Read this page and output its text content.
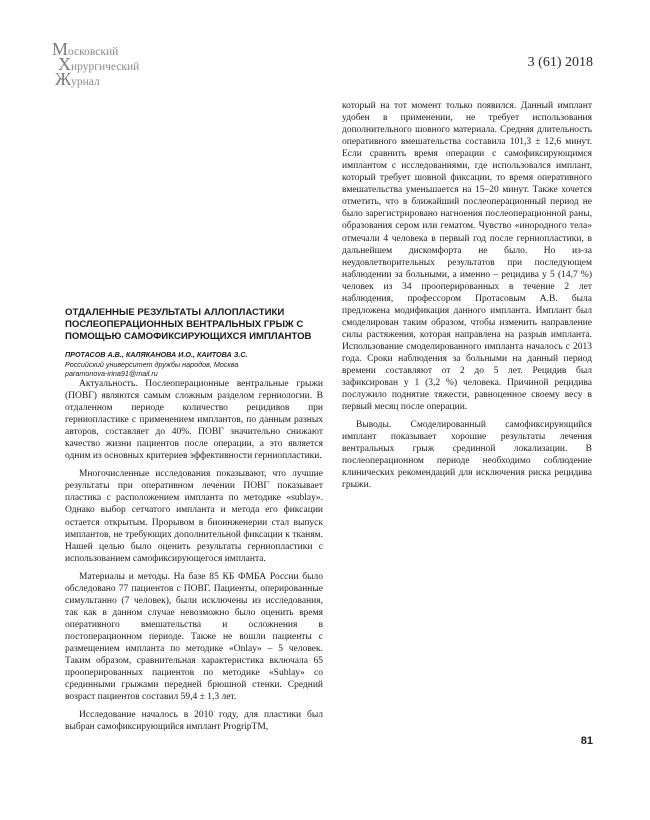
Московский
Хирургический
Журнал
3 (61) 2018
ОТДАЛЕННЫЕ РЕЗУЛЬТАТЫ АЛЛОПЛАСТИКИ ПОСЛЕОПЕРАЦИОННЫХ ВЕНТРАЛЬНЫХ ГРЫЖ С ПОМОЩЬЮ САМОФИКСИРУЮЩИХСЯ ИМПЛАНТОВ

ПРОТАСОВ А.В., КАЛЯКАНОВА И.О., КАИТОВА З.С.

Российский университет дружбы народов, Москва

paramonova-irina91@mail.ru

Актуальность. Послеоперационные вентральные грыжи (ПОВГ) являются самым сложным разделом герниологии. В отдаленном периоде количество рецидивов при герниопластике с применением имплантов, по данным разных авторов, составляет до 40%. ПОВГ значительно снижают качество жизни пациентов после операции, а это является одним из основных критериев эффективности герниопластики.

Многочисленные исследования показывают, что лучшие результаты при оперативном лечении ПОВГ показывает пластика с расположением импланта по методике «sublay». Однако выбор сетчатого импланта и метода его фиксации остается открытым. Прорывом в биоинженерии стал выпуск имплантов, не требующих дополнительной фиксации к тканям. Нашей целью было оценить результаты герниопластики с использованием самофиксирующегося импланта.

Материалы и методы. На базе 85 КБ ФМБА России было обследовано 77 пациентов с ПОВГ. Пациенты, оперированные симультанно (7 человек), были исключены из исследования, так как в данном случае невозможно было оценить время оперативного вмешательства и осложнения в постоперационном периоде. Также не вошли пациенты с размещением импланта по методике «Onlay» – 5 человек. Таким образом, сравнительная характеристика включала 65 прооперированных пациентов по методике «Sublay» со срединными грыжами передней брюшной стенки. Средний возраст пациентов составил 59,4 ± 1,3 лет.

Исследование началось в 2010 году, для пластики был выбран самофиксирующийся имплант ProgripTM,

который на тот момент только появился. Данный имплант удобен в применении, не требует использования дополнительного шовного материала. Средняя длительность оперативного вмешательства составила 101,3 ± 12,6 минут. Если сравнить время операции с самофиксирующимся имплантом с исследованиями, где использовался имплант, который требует шовной фиксации, то время оперативного вмешательства уменьшается на 15–20 минут. Также хочется отметить, что в ближайший послеоперационный период не было зарегистрировано нагноения послеоперационной раны, образования сером или гематом. Чувство «инородного тела» отмечали 4 человека в первый год после герниопластики, в дальнейшем дискомфорта не было. Но из-за неудовлетворительных результатов при последующем наблюдении за больными, а именно – рецидива у 5 (14,7 %) человек из 34 прооперированных в течение 2 лет наблюдения, профессором Протасовым А.В. была предложена модификация данного импланта. Имплант был смоделирован таким образом, чтобы изменить направление силы растяжения, которая направлена на разрыв импланта. Использование смоделированного импланта началось с 2013 года. Сроки наблюдения за больными на данный период времени составляют от 2 до 5 лет. Рецидив был зафиксирован у 1 (3,2 %) человека. Причиной рецидива послужило поднятие тяжести, равноценное своему весу в первый месяц после операции.

Выводы. Смоделированный самофиксирующийся имплант показывает хорошие результаты лечения вентральных грыж срединной локализации. В послеоперационном периоде необходимо соблюдение клинических рекомендаций для исключения риска рецидива грыжи.

81
